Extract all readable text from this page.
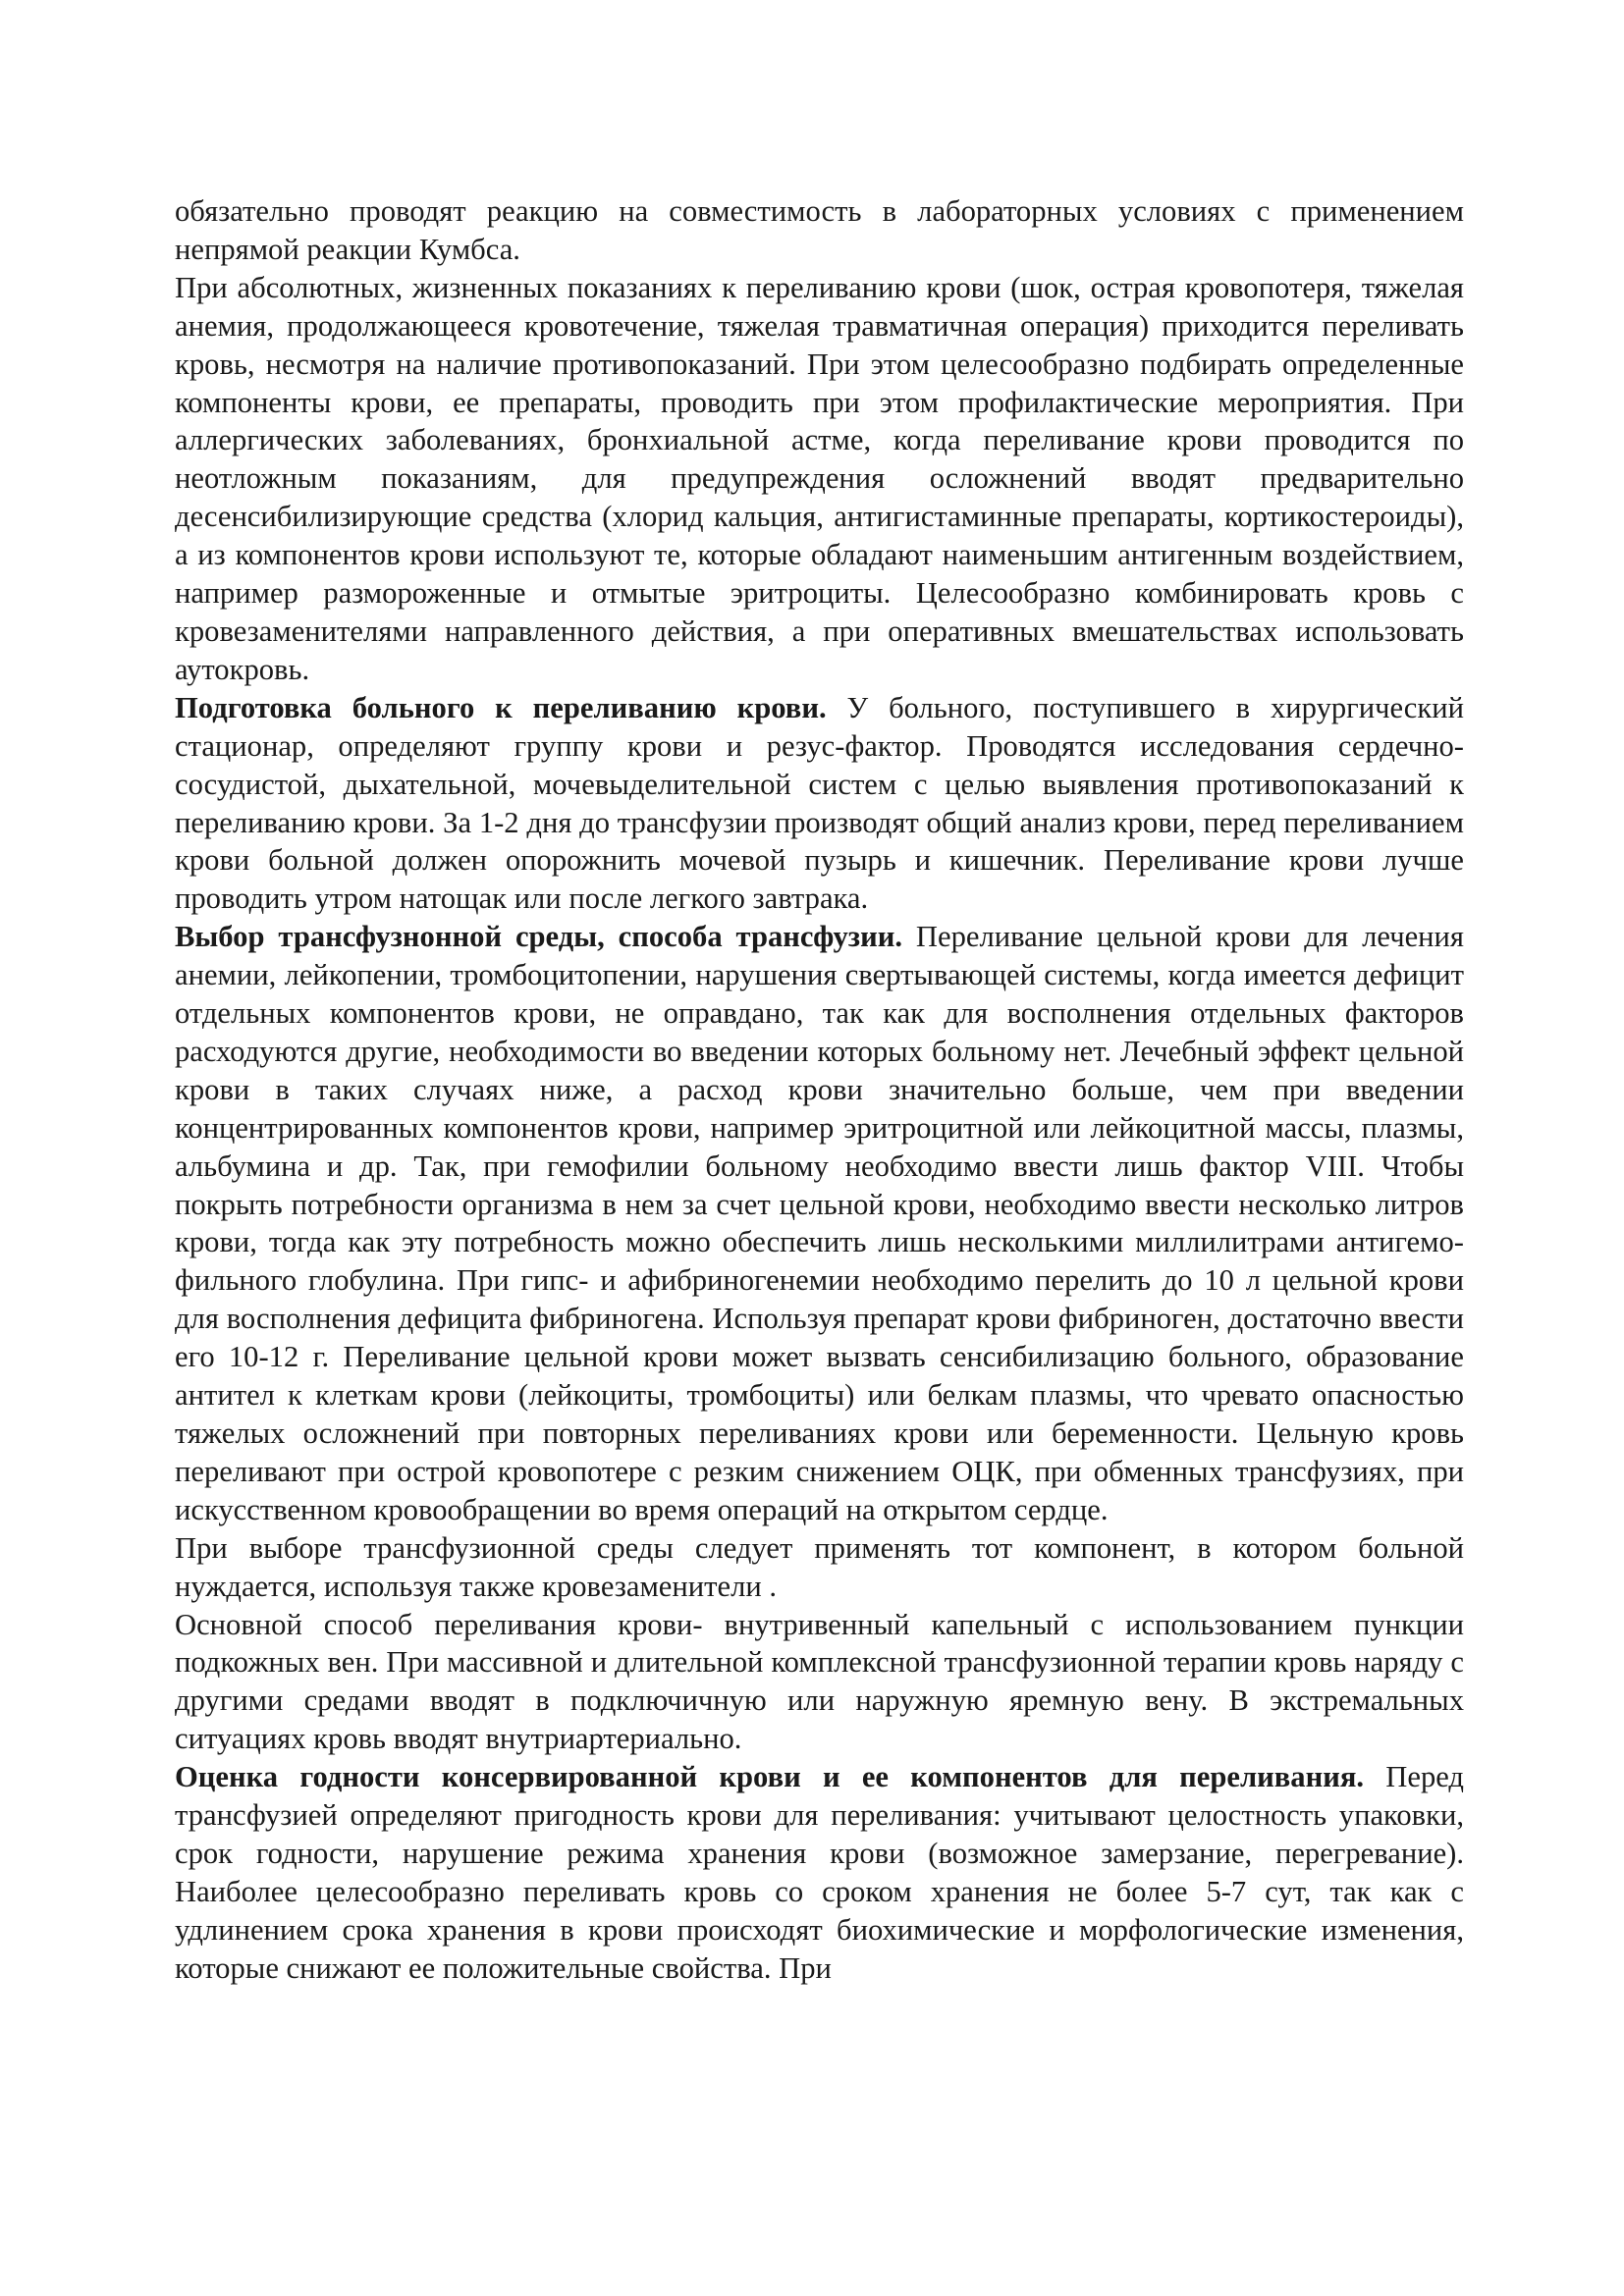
обязательно проводят реакцию на совместимость в лабораторных условиях с применением непрямой реакции Кумбса.

При абсолютных, жизненных показаниях к переливанию крови (шок, острая кровопотеря, тяжелая анемия, продолжающееся кровотечение, тяжелая травматичная операция) приходится переливать кровь, несмотря на наличие противопоказаний. При этом целесообразно подбирать определенные компоненты крови, ее препараты, проводить при этом профилактические мероприятия. При аллергических заболеваниях, бронхиальной астме, когда переливание крови проводится по неотложным показаниям, для предупреждения осложнений вводят предварительно десенсибилизирующие средства (хлорид кальция, антигистаминные препараты, кортикостероиды), а из компонентов крови используют те, которые обладают наименьшим антигенным воздействием, например размороженные и отмытые эритроциты. Целесообразно комбинировать кровь с кровезаменителями направленного действия, а при оперативных вмешательствах использовать аутокровь.

Подготовка больного к переливанию крови. У больного, поступившего в хирургический стационар, определяют группу крови и резус-фактор. Проводятся исследования сердечно-сосудистой, дыхательной, мочевыделительной систем с целью выявления противопоказаний к переливанию крови. За 1-2 дня до трансфузии производят общий анализ крови, перед переливанием крови больной должен опорожнить мочевой пузырь и кишечник. Переливание крови лучше проводить утром натощак или после легкого завтрака.

Выбор трансфузнонной среды, способа трансфузии. Переливание цельной крови для лечения анемии, лейкопении, тромбоцитопении, нарушения свертывающей системы, когда имеется дефицит отдельных компонентов крови, не оправдано, так как для восполнения отдельных факторов расходуются другие, необходимости во введении которых больному нет. Лечебный эффект цельной крови в таких случаях ниже, а расход крови значительно больше, чем при введении концентрированных компонентов крови, например эритроцитной или лейкоцитной массы, плазмы, альбумина и др. Так, при гемофилии больному необходимо ввести лишь фактор VIII. Чтобы покрыть потребности организма в нем за счет цельной крови, необходимо ввести несколько литров крови, тогда как эту потребность можно обеспечить лишь несколькими миллилитрами антигемо-фильного глобулина. При гипс- и афибриногенемии необходимо перелить до 10 л цельной крови для восполнения дефицита фибриногена. Используя препарат крови фибриноген, достаточно ввести его 10-12 г. Переливание цельной крови может вызвать сенсибилизацию больного, образование антител к клеткам крови (лейкоциты, тромбоциты) или белкам плазмы, что чревато опасностью тяжелых осложнений при повторных переливаниях крови или беременности. Цельную кровь переливают при острой кровопотере с резким снижением ОЦК, при обменных трансфузиях, при искусственном кровообращении во время операций на открытом сердце.

При выборе трансфузионной среды следует применять тот компонент, в котором больной нуждается, используя также кровезаменители .

Основной способ переливания крови- внутривенный капельный с использованием пункции подкожных вен. При массивной и длительной комплексной трансфузионной терапии кровь наряду с другими средами вводят в подключичную или наружную яремную вену. В экстремальных ситуациях кровь вводят внутриартериально.

Оценка годности консервированной крови и ее компонентов для переливания. Перед трансфузией определяют пригодность крови для переливания: учитывают целостность упаковки, срок годности, нарушение режима хранения крови (возможное замерзание, перегревание). Наиболее целесообразно переливать кровь со сроком хранения не более 5-7 сут, так как с удлинением срока хранения в крови происходят биохимические и морфологические изменения, которые снижают ее положительные свойства. При
